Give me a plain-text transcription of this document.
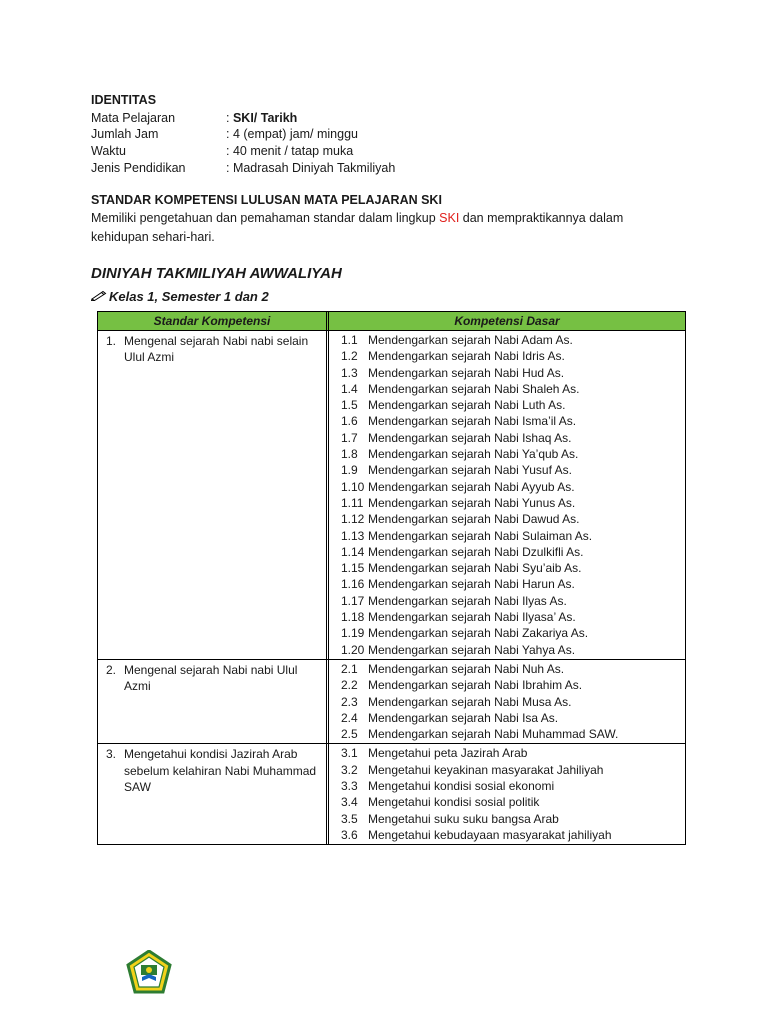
IDENTITAS
Mata Pelajaran	: SKI/ Tarikh
Jumlah Jam	: 4 (empat) jam/ minggu
Waktu	: 40 menit / tatap muka
Jenis Pendidikan	: Madrasah Diniyah Takmiliyah
STANDAR KOMPETENSI LULUSAN MATA PELAJARAN SKI
Memiliki pengetahuan dan pemahaman standar dalam lingkup SKI dan mempraktikannya dalam kehidupan sehari-hari.
DINIYAH TAKMILIYAH AWWALIYAH
Kelas 1, Semester 1 dan 2
Standar Kompetensi	Kompetensi Dasar
1. Mengenal sejarah Nabi nabi selain Ulul Azmi
1.1 Mendengarkan sejarah Nabi Adam As.
1.2 Mendengarkan sejarah Nabi Idris As.
1.3 Mendengarkan sejarah Nabi Hud As.
1.4 Mendengarkan sejarah Nabi Shaleh As.
1.5 Mendengarkan sejarah Nabi Luth As.
1.6 Mendengarkan sejarah Nabi Isma’il As.
1.7 Mendengarkan sejarah Nabi Ishaq As.
1.8 Mendengarkan sejarah Nabi Ya’qub As.
1.9 Mendengarkan sejarah Nabi Yusuf As.
1.10 Mendengarkan sejarah Nabi Ayyub As.
1.11 Mendengarkan sejarah Nabi Yunus As.
1.12 Mendengarkan sejarah Nabi Dawud As.
1.13 Mendengarkan sejarah Nabi Sulaiman As.
1.14 Mendengarkan sejarah Nabi Dzulkifli As.
1.15 Mendengarkan sejarah Nabi Syu’aib As.
1.16 Mendengarkan sejarah Nabi Harun As.
1.17 Mendengarkan sejarah Nabi Ilyas As.
1.18 Mendengarkan sejarah Nabi Ilyasa’ As.
1.19 Mendengarkan sejarah Nabi Zakariya As.
1.20 Mendengarkan sejarah Nabi Yahya As.
2. Mengenal sejarah Nabi nabi Ulul Azmi
2.1 Mendengarkan sejarah Nabi Nuh As.
2.2 Mendengarkan sejarah Nabi Ibrahim As.
2.3 Mendengarkan sejarah Nabi Musa As.
2.4 Mendengarkan sejarah Nabi Isa As.
2.5 Mendengarkan sejarah Nabi Muhammad SAW.
3. Mengetahui kondisi Jazirah Arab sebelum kelahiran Nabi Muhammad SAW
3.1 Mengetahui peta Jazirah Arab
3.2 Mengetahui keyakinan masyarakat Jahiliyah
3.3 Mengetahui kondisi sosial ekonomi
3.4 Mengetahui kondisi sosial politik
3.5 Mengetahui suku suku bangsa Arab
3.6 Mengetahui kebudayaan masyarakat jahiliyah
